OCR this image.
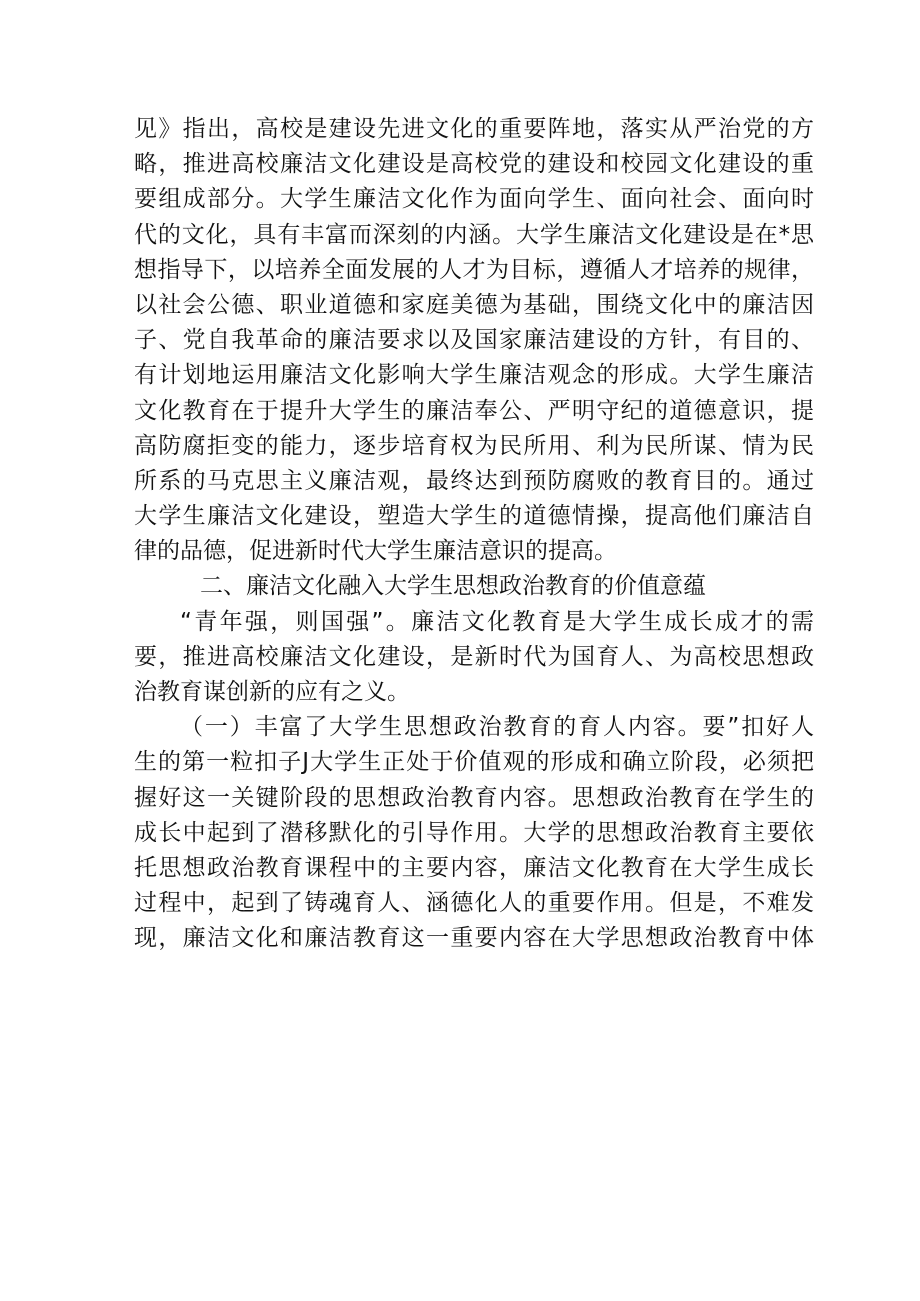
见》指出，高校是建设先进文化的重要阵地，落实从严治党的方
略，推进高校廉洁文化建设是高校党的建设和校园文化建设的重
要组成部分。大学生廉洁文化作为面向学生、面向社会、面向时
代的文化，具有丰富而深刻的内涵。大学生廉洁文化建设是在*思
想指导下，以培养全面发展的人才为目标，遵循人才培养的规律，
以社会公德、职业道德和家庭美德为基础，围绕文化中的廉洁因
子、党自我革命的廉洁要求以及国家廉洁建设的方针，有目的、
有计划地运用廉洁文化影响大学生廉洁观念的形成。大学生廉洁
文化教育在于提升大学生的廉洁奉公、严明守纪的道德意识，提
高防腐拒变的能力，逐步培育权为民所用、利为民所谋、情为民
所系的马克思主义廉洁观，最终达到预防腐败的教育目的。通过
大学生廉洁文化建设，塑造大学生的道德情操，提高他们廉洁自
律的品德，促进新时代大学生廉洁意识的提高。
二、廉洁文化融入大学生思想政治教育的价值意蕴
“青年强，则国强”。廉洁文化教育是大学生成长成才的需
要，推进高校廉洁文化建设，是新时代为国育人、为高校思想政
治教育谋创新的应有之义。
（一）丰富了大学生思想政治教育的育人内容。要”扣好人
生的第一粒扣子J大学生正处于价值观的形成和确立阶段，必须把
握好这一关键阶段的思想政治教育内容。思想政治教育在学生的
成长中起到了潜移默化的引导作用。大学的思想政治教育主要依
托思想政治教育课程中的主要内容，廉洁文化教育在大学生成长
过程中，起到了铸魂育人、涵德化人的重要作用。但是，不难发
现，廉洁文化和廉洁教育这一重要内容在大学思想政治教育中体
